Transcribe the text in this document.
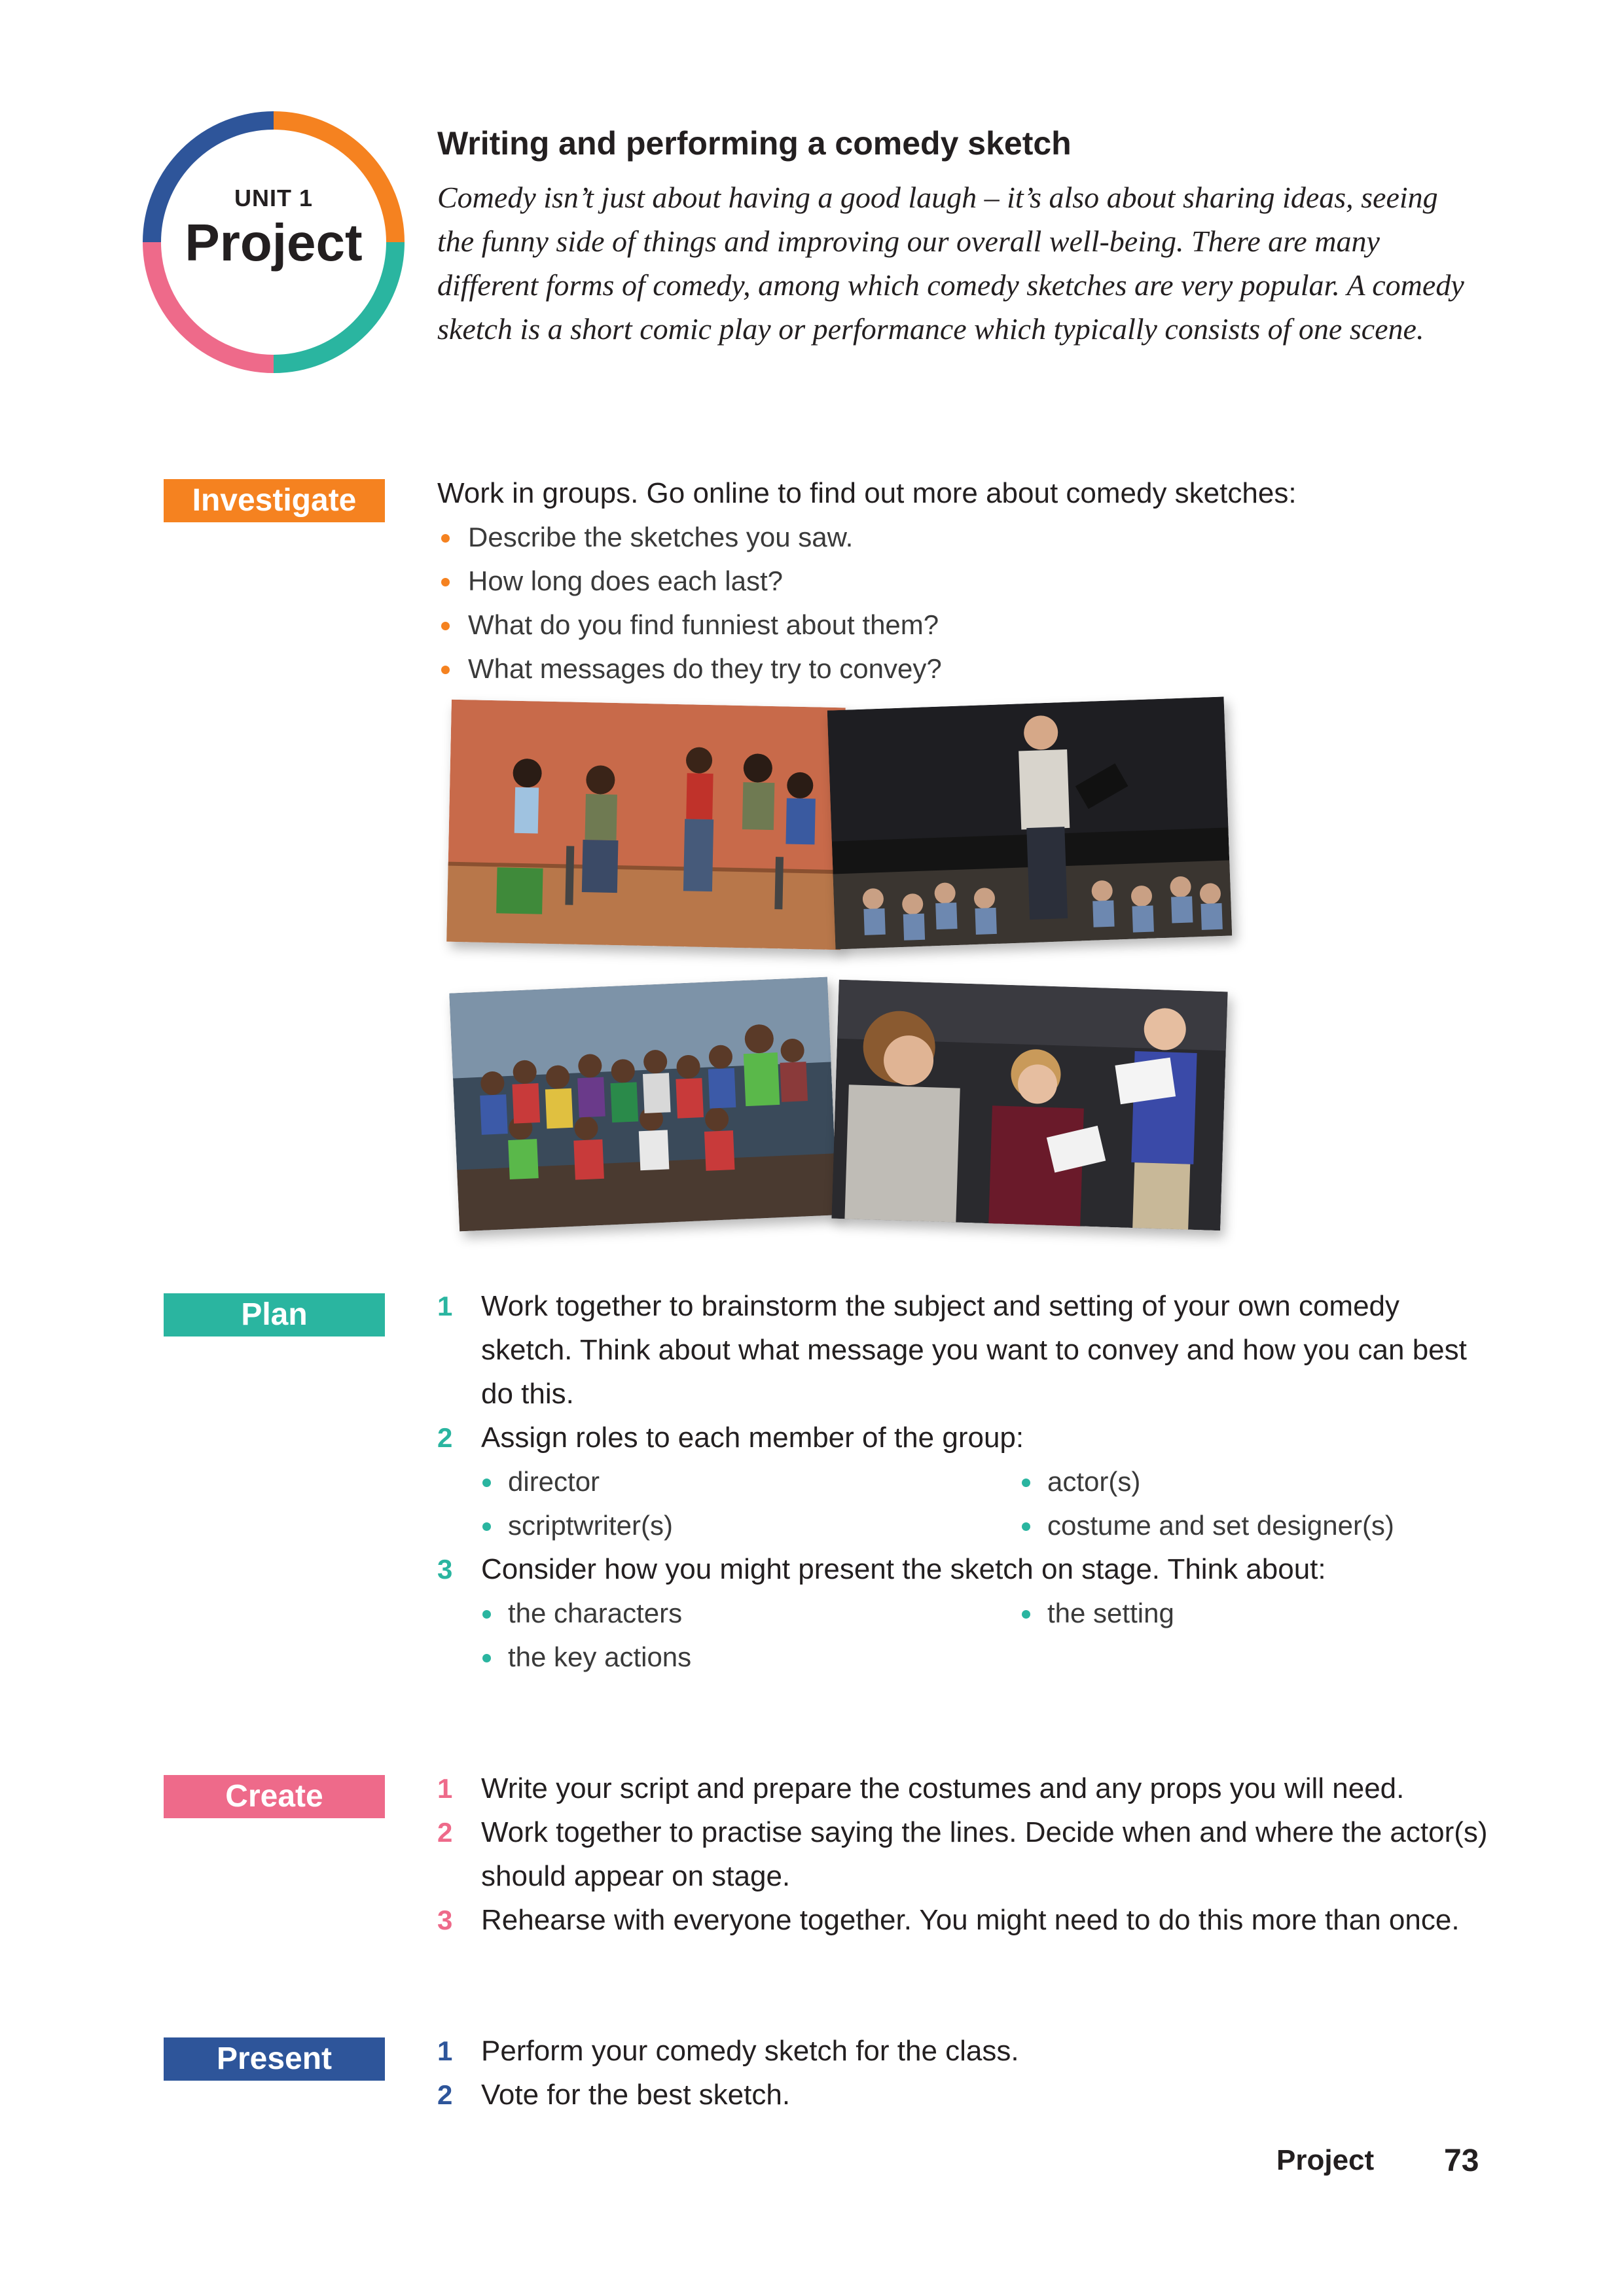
UNIT 1
Project
Writing and performing a comedy sketch
Comedy isn’t just about having a good laugh – it’s also about sharing ideas, seeing the funny side of things and improving our overall well-being. There are many different forms of comedy, among which comedy sketches are very popular. A comedy sketch is a short comic play or performance which typically consists of one scene.
Investigate	Work in groups. Go online to find out more about comedy sketches:
Describe the sketches you saw.
How long does each last?
What do you find funniest about them?
What messages do they try to convey?
Plan	1 Work together to brainstorm the subject and setting of your own comedy sketch. Think about what message you want to convey and how you can best do this.
2 Assign roles to each member of the group:
director	actor(s)
scriptwriter(s)	costume and set designer(s)
3 Consider how you might present the sketch on stage. Think about:
the characters	the setting
the key actions
Create	1 Write your script and prepare the costumes and any props you will need.
2 Work together to practise saying the lines. Decide when and where the actor(s) should appear on stage.
3 Rehearse with everyone together. You might need to do this more than once.
Present	1 Perform your comedy sketch for the class.
2 Vote for the best sketch.
Project 73
